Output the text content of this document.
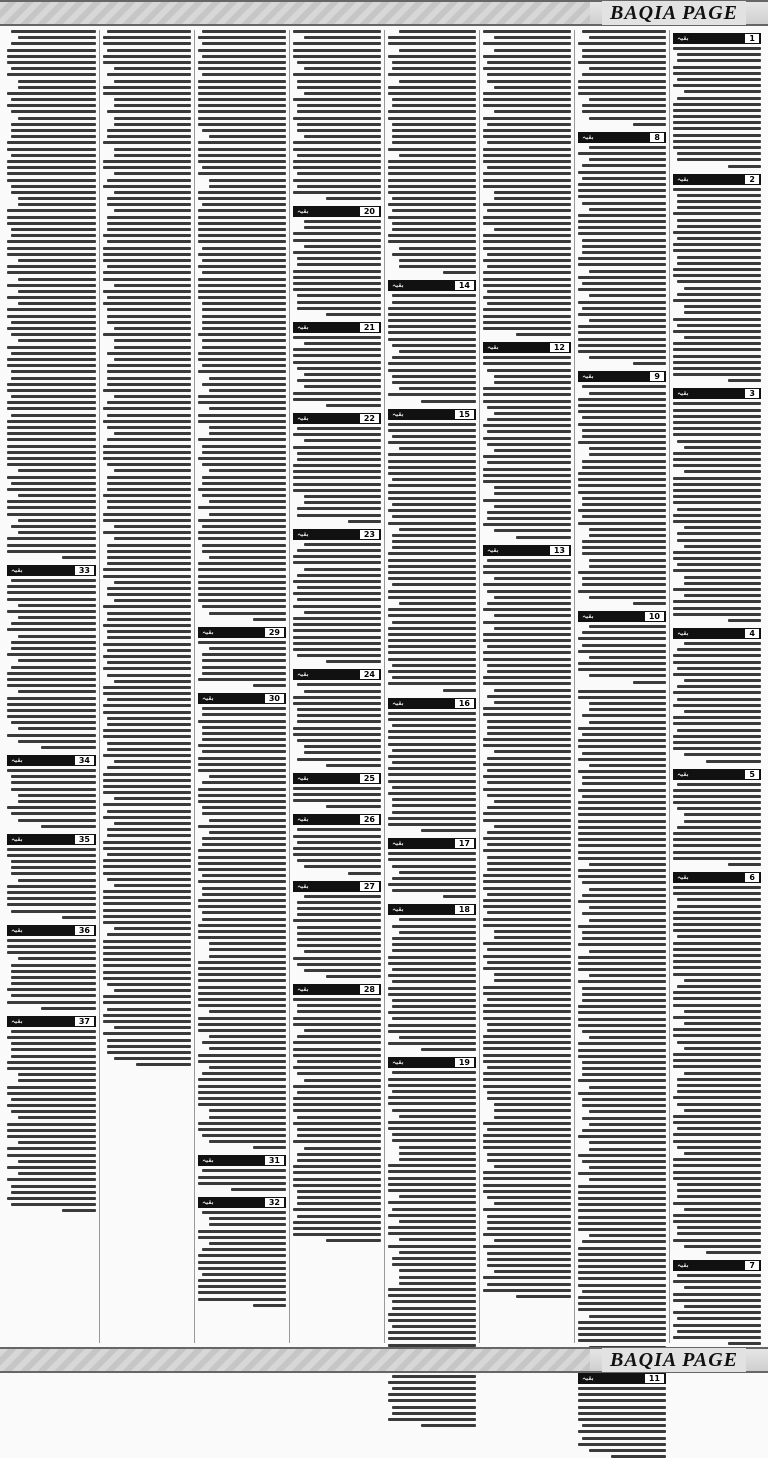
BAQIA PAGE
1
بقیہ
2
بقیہ
3
بقیہ
4
بقیہ
5
بقیہ
6
بقیہ
7
بقیہ
8
بقیہ
9
بقیہ
10
بقیہ
11
بقیہ
12
بقیہ
13
بقیہ
14
بقیہ
15
بقیہ
16
بقیہ
17
بقیہ
18
بقیہ
19
بقیہ
20
بقیہ
21
بقیہ
22
بقیہ
23
بقیہ
24
بقیہ
25
بقیہ
26
بقیہ
27
بقیہ
28
بقیہ
29
بقیہ
30
بقیہ
31
بقیہ
32
بقیہ
33
بقیہ
34
بقیہ
35
بقیہ
36
بقیہ
37
بقیہ
BAQIA PAGE
